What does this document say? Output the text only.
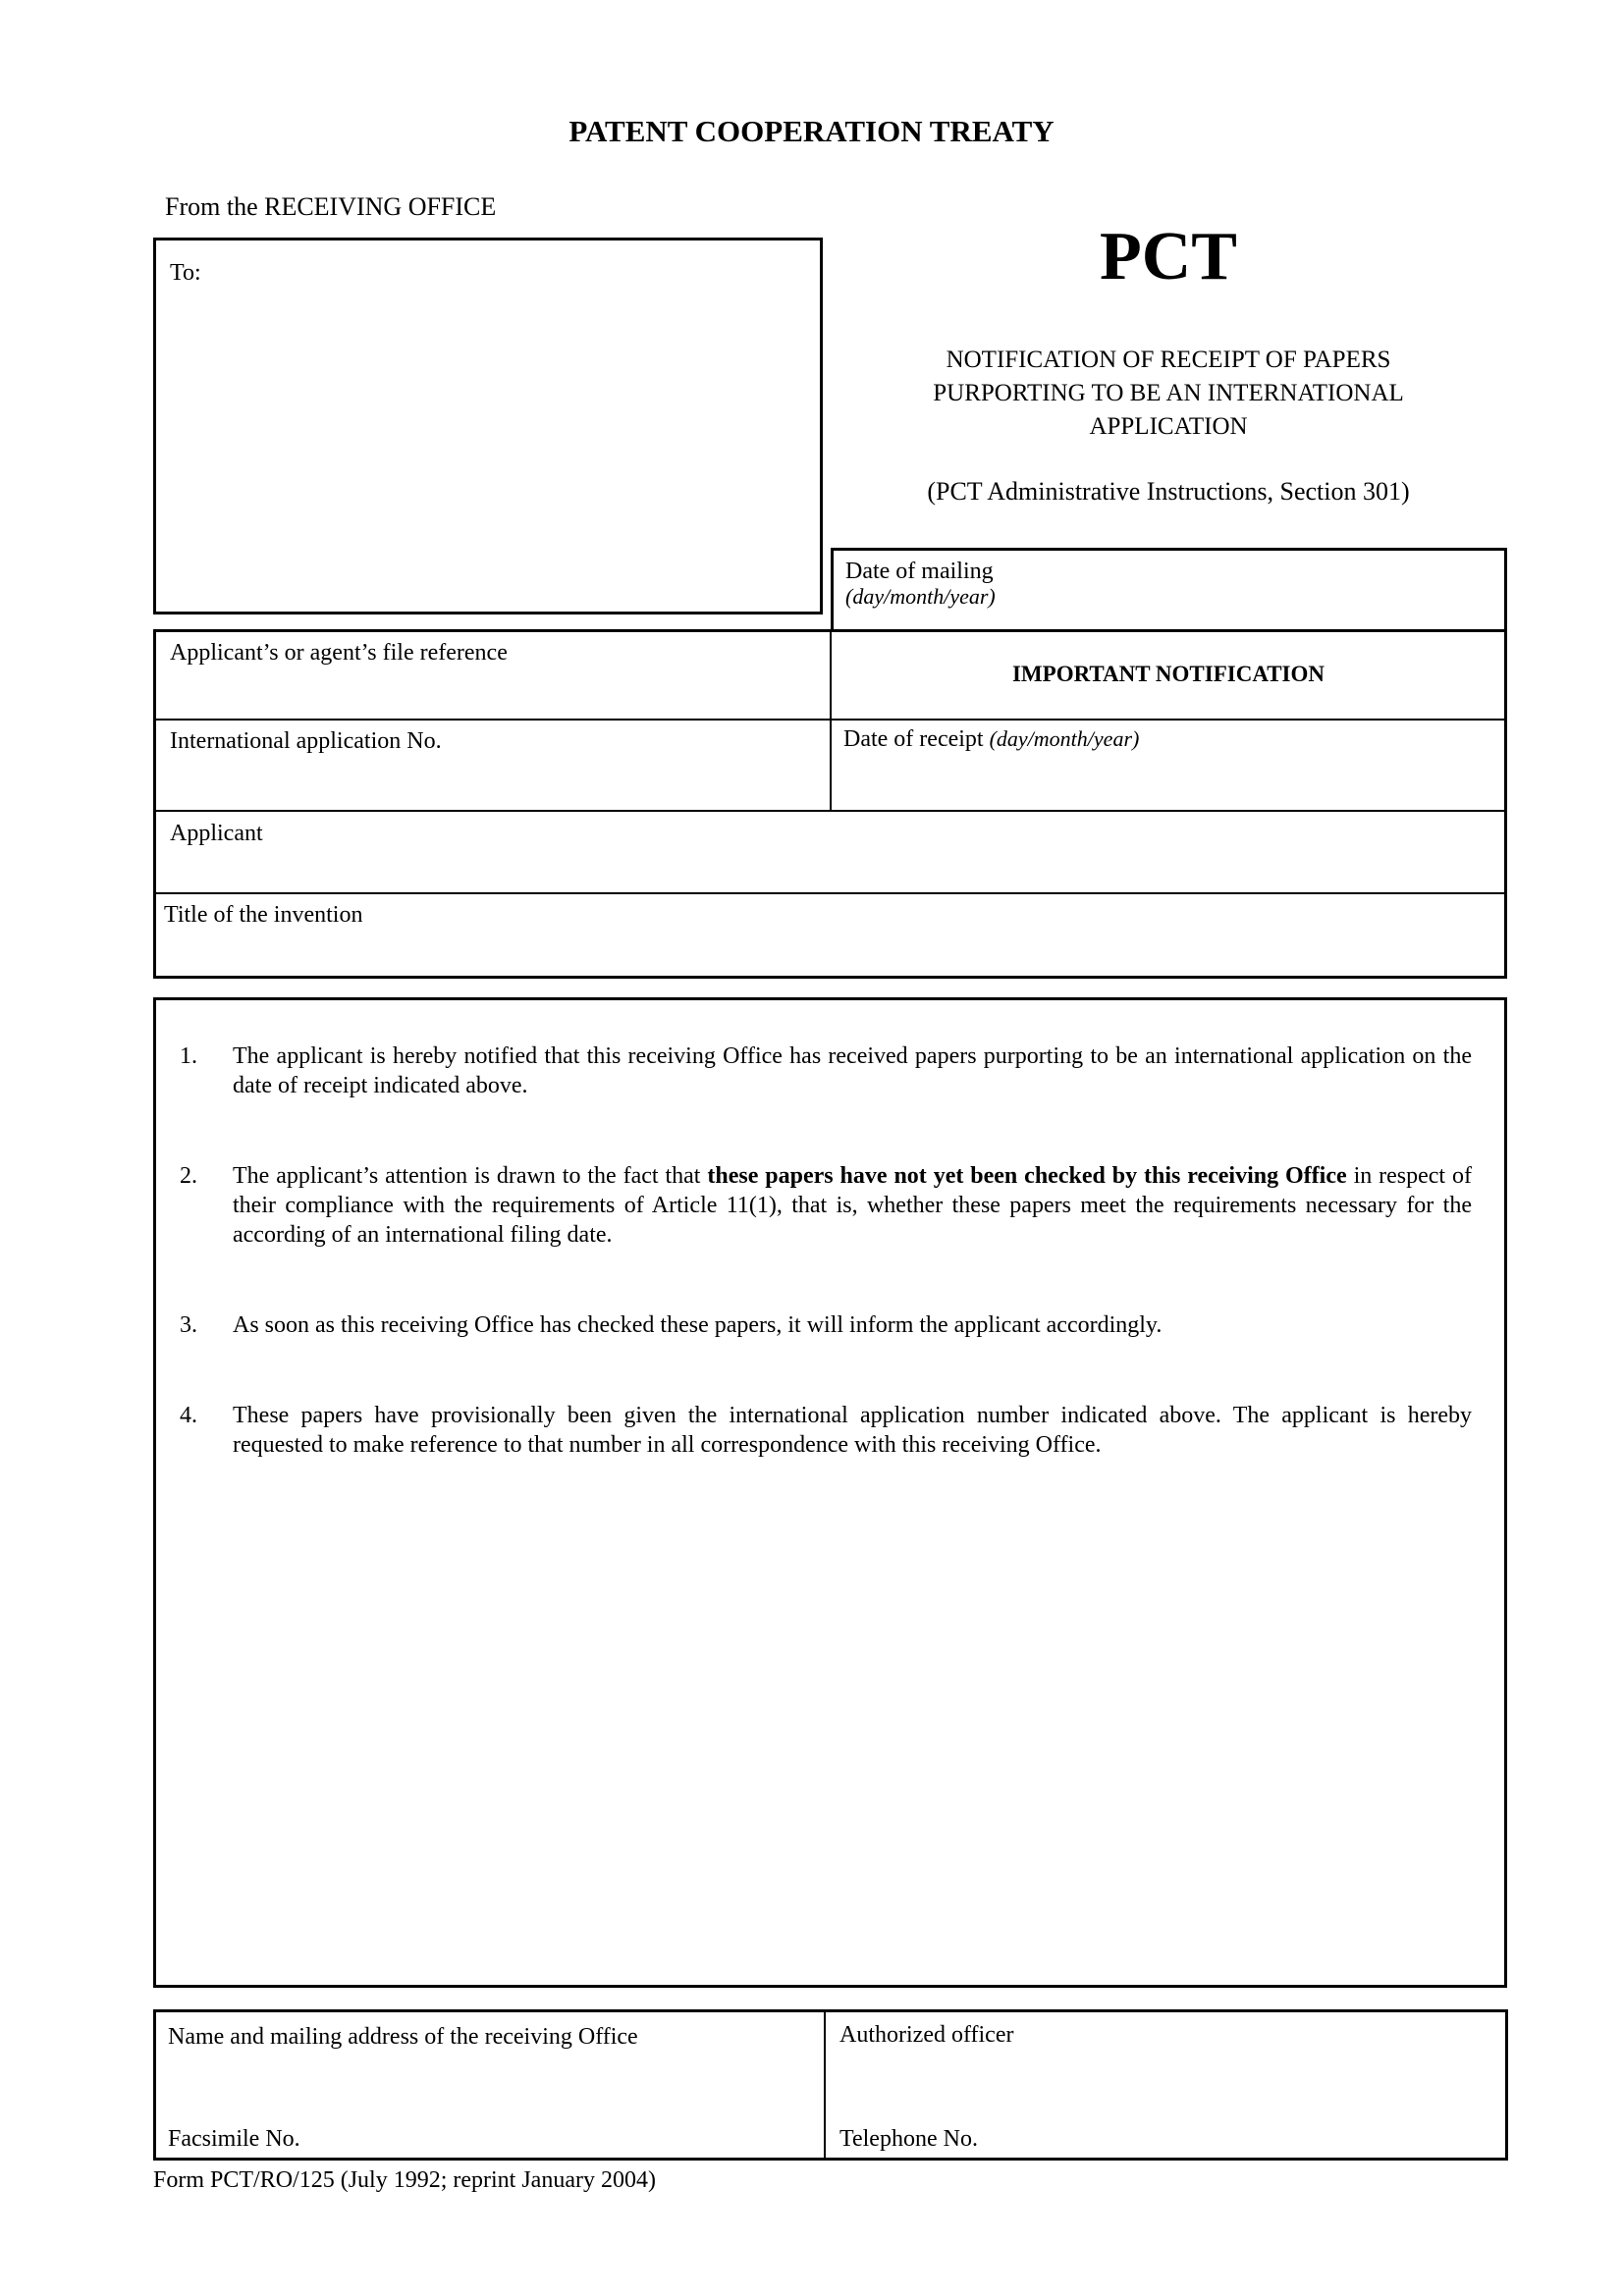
PATENT COOPERATION TREATY
From the RECEIVING OFFICE
To:	PCT
NOTIFICATION OF RECEIPT OF PAPERS
PURPORTING TO BE AN INTERNATIONAL
APPLICATION
(PCT Administrative Instructions, Section 301)
Date of mailing
(day/month/year)
Applicant’s or agent’s file reference
IMPORTANT NOTIFICATION
International application No.	Date of receipt (day/month/year)
Applicant
Title of the invention
1. The applicant is hereby notified that this receiving Office has received papers purporting to be an international application on the date of receipt indicated above.
2. The applicant’s attention is drawn to the fact that these papers have not yet been checked by this receiving Office in respect of their compliance with the requirements of Article 11(1), that is, whether these papers meet the requirements necessary for the according of an international filing date.
3. As soon as this receiving Office has checked these papers, it will inform the applicant accordingly.
4. These papers have provisionally been given the international application number indicated above. The applicant is hereby requested to make reference to that number in all correspondence with this receiving Office.
Name and mailing address of the receiving Office
Facsimile No.
Authorized officer
Telephone No.
Form PCT/RO/125 (July 1992; reprint January 2004)
